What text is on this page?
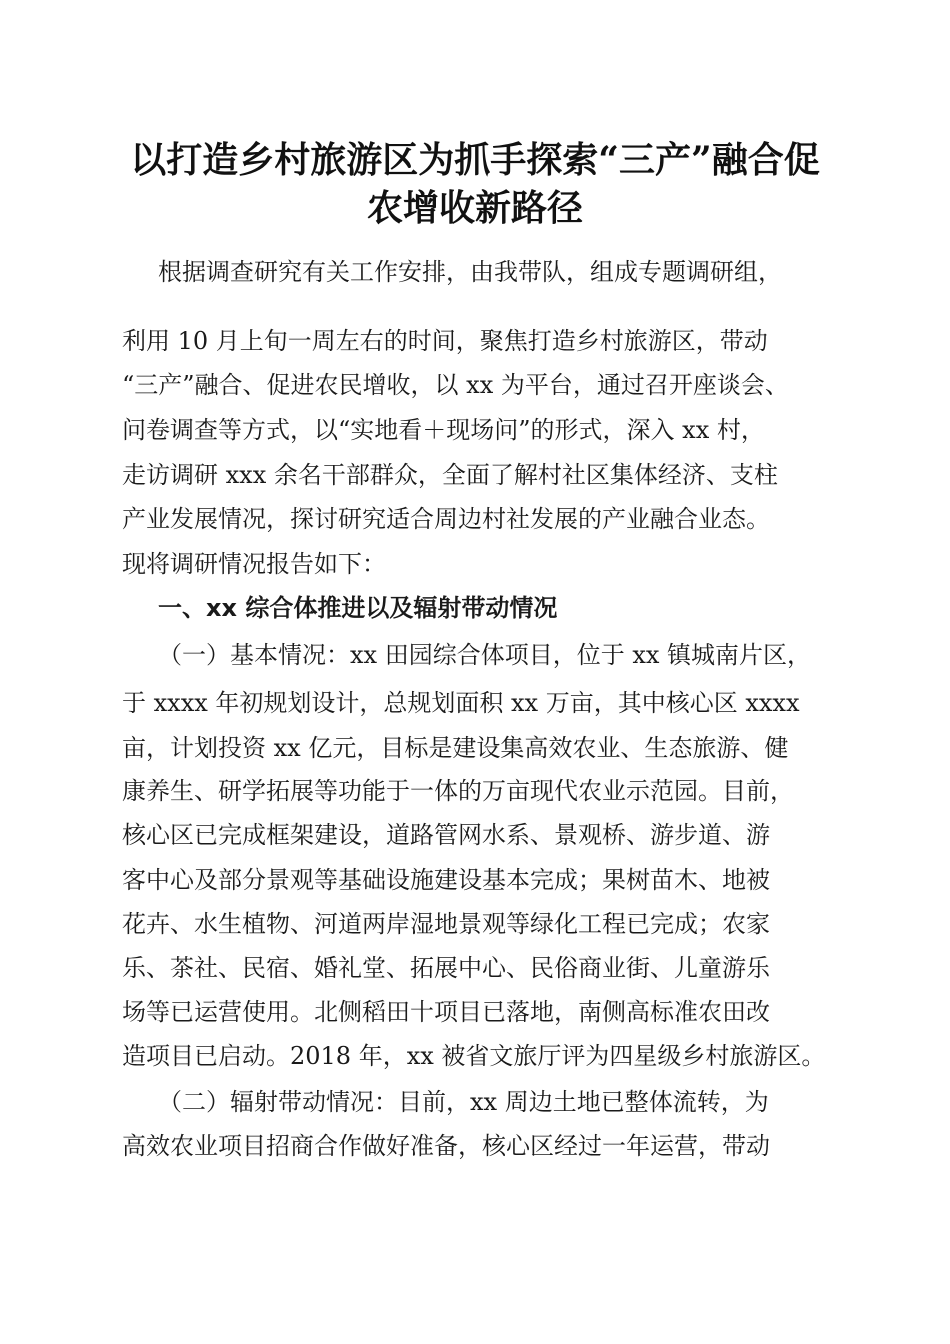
以打造乡村旅游区为抓手探索“三产”融合促
农增收新路径

根据调查研究有关工作安排，由我带队，组成专题调研组，

利用 10 月上旬一周左右的时间，聚焦打造乡村旅游区，带动

“三产”融合、促进农民增收，以 xx 为平台，通过召开座谈会、

问卷调查等方式，以“实地看＋现场问”的形式，深入 xx 村，

走访调研 xxx 余名干部群众，全面了解村社区集体经济、支柱

产业发展情况，探讨研究适合周边村社发展的产业融合业态。

现将调研情况报告如下：

一、xx 综合体推进以及辐射带动情况

（一）基本情况：xx 田园综合体项目，位于 xx 镇城南片区，

于 xxxx 年初规划设计，总规划面积 xx 万亩，其中核心区 xxxx

亩，计划投资 xx 亿元，目标是建设集高效农业、生态旅游、健

康养生、研学拓展等功能于一体的万亩现代农业示范园。目前，

核心区已完成框架建设，道路管网水系、景观桥、游步道、游

客中心及部分景观等基础设施建设基本完成；果树苗木、地被

花卉、水生植物、河道两岸湿地景观等绿化工程已完成；农家

乐、茶社、民宿、婚礼堂、拓展中心、民俗商业街、儿童游乐

场等已运营使用。北侧稻田十项目已落地，南侧高标准农田改

造项目已启动。2018 年，xx 被省文旅厅评为四星级乡村旅游区。

（二）辐射带动情况：目前，xx 周边土地已整体流转，为

高效农业项目招商合作做好准备，核心区经过一年运营，带动
